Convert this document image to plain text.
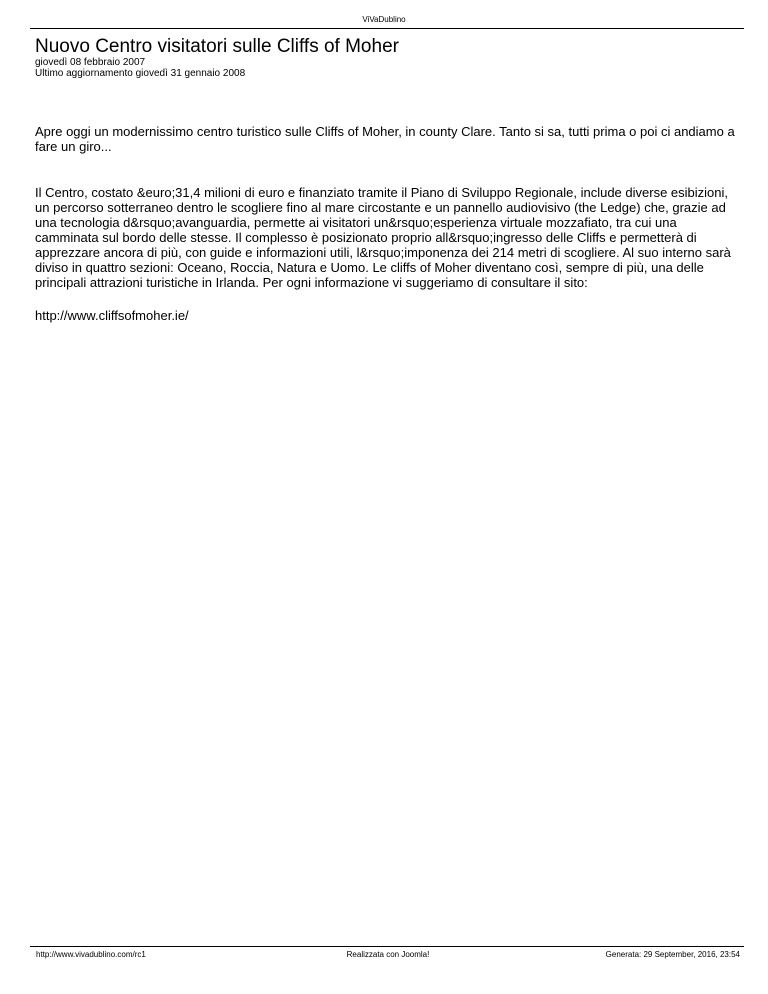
ViVaDublino
Nuovo Centro visitatori sulle Cliffs of Moher
giovedì 08 febbraio 2007
Ultimo aggiornamento giovedì 31 gennaio 2008
Apre oggi un modernissimo centro turistico sulle Cliffs of Moher, in county Clare. Tanto si sa, tutti prima o poi ci andiamo a fare un giro...
Il Centro, costato &euro;31,4 milioni di euro e finanziato tramite il Piano di Sviluppo Regionale, include diverse esibizioni, un percorso sotterraneo dentro le scogliere fino al mare circostante e un pannello audiovisivo (the Ledge) che, grazie ad una tecnologia d&rsquo;avanguardia, permette ai visitatori un&rsquo;esperienza virtuale mozzafiato, tra cui una camminata sul bordo delle stesse. Il complesso è posizionato proprio all&rsquo;ingresso delle Cliffs e permetterà di apprezzare ancora di più, con guide e informazioni utili, l&rsquo;imponenza dei 214 metri di scogliere. Al suo interno sarà diviso in quattro sezioni: Oceano, Roccia, Natura e Uomo. Le cliffs of Moher diventano così, sempre di più, una delle principali attrazioni turistiche in Irlanda. Per ogni informazione vi suggeriamo di consultare il sito:
http://www.cliffsofmoher.ie/
http://www.vivadublino.com/rc1	Realizzata con Joomla!	Generata: 29 September, 2016, 23:54
